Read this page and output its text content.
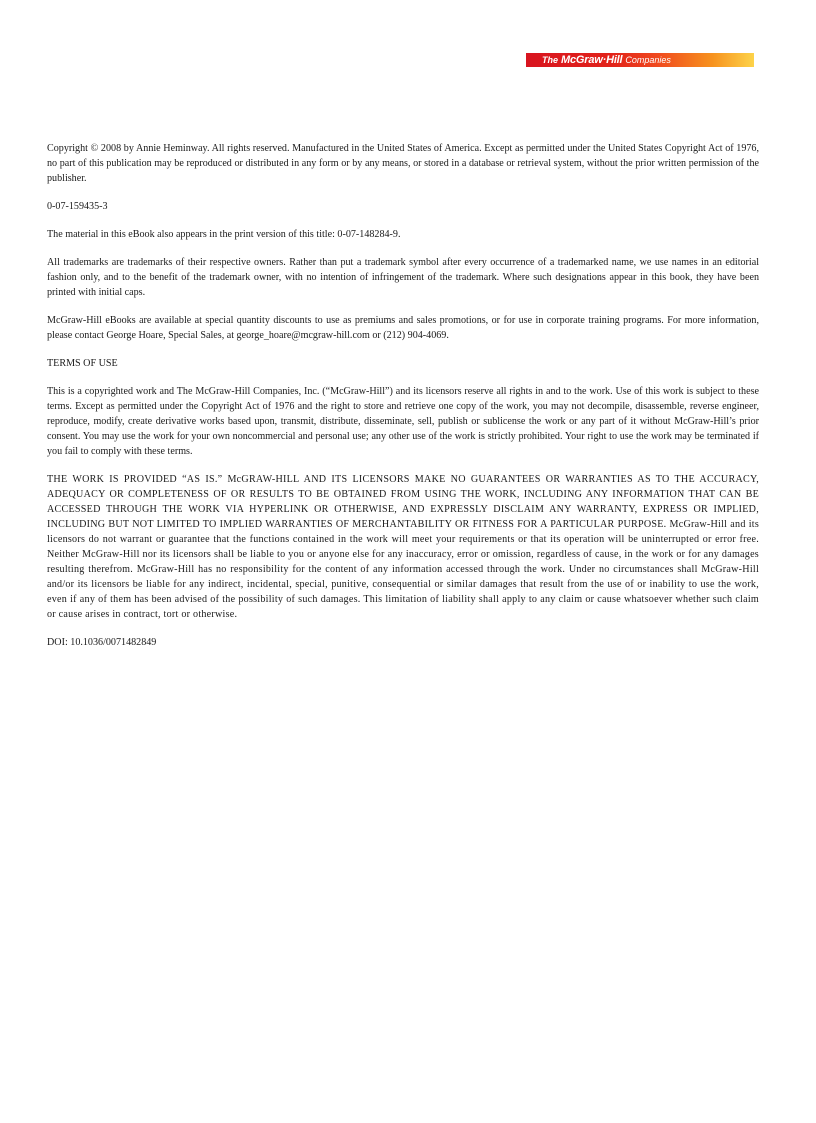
The McGraw·Hill Companies

Copyright © 2008 by Annie Heminway. All rights reserved. Manufactured in the United States of America. Except as permitted under the United States Copyright Act of 1976, no part of this publication may be reproduced or distributed in any form or by any means, or stored in a database or retrieval system, without the prior written permission of the publisher.

0-07-159435-3

The material in this eBook also appears in the print version of this title: 0-07-148284-9.

All trademarks are trademarks of their respective owners. Rather than put a trademark symbol after every occurrence of a trademarked name, we use names in an editorial fashion only, and to the benefit of the trademark owner, with no intention of infringement of the trademark. Where such designations appear in this book, they have been printed with initial caps.

McGraw-Hill eBooks are available at special quantity discounts to use as premiums and sales promotions, or for use in corporate training programs. For more information, please contact George Hoare, Special Sales, at george_hoare@mcgraw-hill.com or (212) 904-4069.

TERMS OF USE

This is a copyrighted work and The McGraw-Hill Companies, Inc. (“McGraw-Hill”) and its licensors reserve all rights in and to the work. Use of this work is subject to these terms. Except as permitted under the Copyright Act of 1976 and the right to store and retrieve one copy of the work, you may not decompile, disassemble, reverse engineer, reproduce, modify, create derivative works based upon, transmit, distribute, disseminate, sell, publish or sublicense the work or any part of it without McGraw-Hill’s prior consent. You may use the work for your own noncommercial and personal use; any other use of the work is strictly prohibited. Your right to use the work may be terminated if you fail to comply with these terms.

THE WORK IS PROVIDED “AS IS.” McGRAW-HILL AND ITS LICENSORS MAKE NO GUARANTEES OR WARRANTIES AS TO THE ACCURACY, ADEQUACY OR COMPLETENESS OF OR RESULTS TO BE OBTAINED FROM USING THE WORK, INCLUDING ANY INFORMATION THAT CAN BE ACCESSED THROUGH THE WORK VIA HYPERLINK OR OTHERWISE, AND EXPRESSLY DISCLAIM ANY WARRANTY, EXPRESS OR IMPLIED, INCLUDING BUT NOT LIMITED TO IMPLIED WARRANTIES OF MERCHANTABILITY OR FITNESS FOR A PARTICULAR PURPOSE. McGraw-Hill and its licensors do not warrant or guarantee that the functions contained in the work will meet your requirements or that its operation will be uninterrupted or error free. Neither McGraw-Hill nor its licensors shall be liable to you or anyone else for any inaccuracy, error or omission, regardless of cause, in the work or for any damages resulting therefrom. McGraw-Hill has no responsibility for the content of any information accessed through the work. Under no circumstances shall McGraw-Hill and/or its licensors be liable for any indirect, incidental, special, punitive, consequential or similar damages that result from the use of or inability to use the work, even if any of them has been advised of the possibility of such damages. This limitation of liability shall apply to any claim or cause whatsoever whether such claim or cause arises in contract, tort or otherwise.

DOI: 10.1036/0071482849
